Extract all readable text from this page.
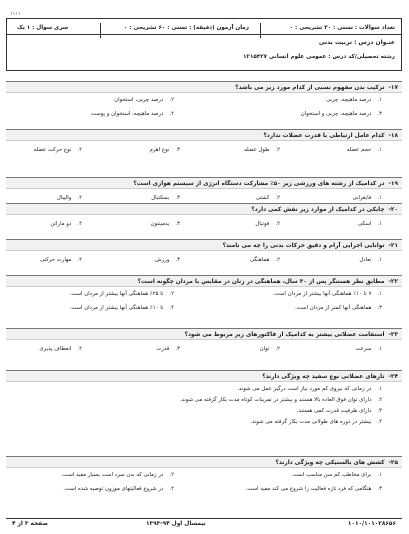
۱۱۱۱
تعداد سوالات : تستی : ۳۰ تشریحی : ۰
زمان آزمون (دقیقه) : تستی : ۶۰ تشریحی : ۰
سری سوال : ۱ یک
عنـوان درس : تربیت بدنی
رشته تحصیلی/کد درس : عمومی علوم انسانی ۱۲۱۵۴۲۷
۱۷-ترکیب بدن مفهوم نسبی از کدام مورد زیر می باشد؟
۱.درصد ماهیچه، چربی
۲.درصد چربی، استخوان
۳.درصد ماهیچه، چربی و استخوان
۴.درصد ماهیچه، استخوان و پوست
۱۸-کدام عامل ارتباطی با قدرت عضلات ندارد؟
۱.حجم عضله
۲.طول عضله
۳.نوع اهرم
۴.نوع حرکت عضله
۱۹-در کدامیک از رشته های ورزشی زیر ۵۰٪ مشارکت دستگاه انرژی از سیستم هوازی است؟
۱.فایقرانی
۲.کشتی
۳.بسکتبال
۴.والیبال
۲۰-چابکی در کدامیک از موارد زیر نقش کمی دارد؟
۱.اسکی
۲.فوتبال
۳.بدمینتون
۴.دو ماراتن
۲۱-توانایی اجرایی آرام و دقیق حرکات بدنی را چه می نامند؟
۱.تعادل
۲.هماهنگی
۳.ورزش
۴.مهارت حرکتی
۲۲-مطابق نظر هستنگر پس از ۳۰ سال، هماهنگی در زنان در مقایس با مردان چگونه است؟
۱.۷ تا ۱۰٪ هماهنگی آنها بیشتر از مردان است.
۲.تا ۲۵٪ هماهنگی آنها بیشتر از مردان است.
۳.هماهنگی آنها کمتر از مردان است.
۴.تا ۱۰٪ هماهنگی آنها بیشتر از مردان است.
۲۳-استقامت عضلانی بیشتر به کدامیک از فاکتورهای زیر مربوط می شود؟
۱.سرعت
۲.توان
۳.قدرت
۴.انعطاف پذیری
۲۴-تارهای عضلانی نوع سفید چه ویژگی دارند؟
۱.در زمانی که نیروی کم مورد نیاز است درگیر عمل می شوند.
۲.دارای توان فوق العاده بالا هستند و بیشتر در تمرینات کوتاه مدت بکار گرفته می شوند.
۳.دارای ظرفیت قدرت کمی هستند.
۴.بیشتر در دوره های طولانی مدت بکار گرفته می شوند.
۲۵-کشش های بالستیکی چه ویژگی دارند؟
۱.برای مخاطب کم سن مناسب است.
۲.در زمانی که بدن سرد است بسیار مفید است.
۳.هنگامی که فرد تازه فعالیت را شروع می کند مفید است.
۴.در شروع فعالیتهای موزون توصیه شده است.
صفحه ۳ از ۴	نیمسال اول ۹۴-۱۳۹۳	۱۰۱۰/۱۰۱۰۲۸۶۵۶
